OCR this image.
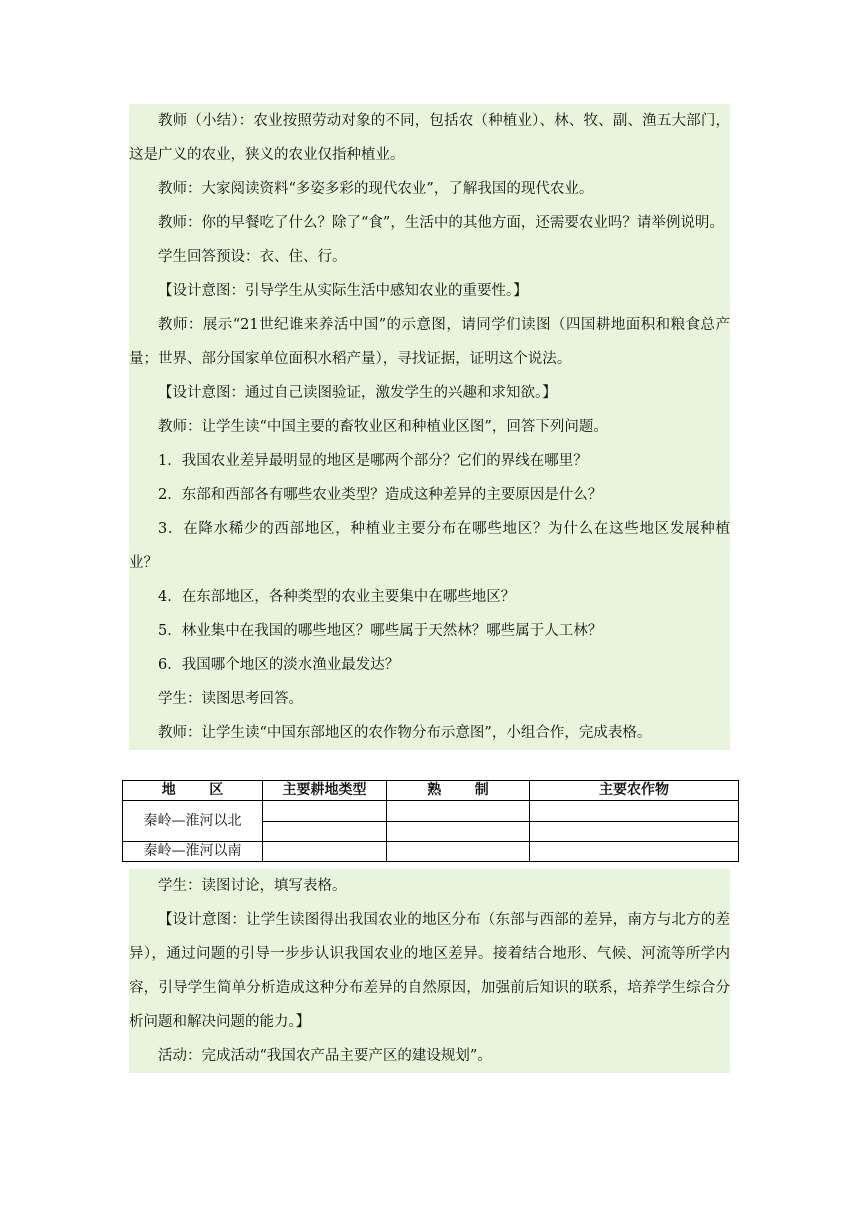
教师（小结）：农业按照劳动对象的不同，包括农（种植业）、林、牧、副、渔五大部门，这是广义的农业，狭义的农业仅指种植业。

教师：大家阅读资料“多姿多彩的现代农业”，了解我国的现代农业。

教师：你的早餐吃了什么？除了“食”，生活中的其他方面，还需要农业吗？请举例说明。

学生回答预设：衣、住、行。

【设计意图：引导学生从实际生活中感知农业的重要性。】

教师：展示“21世纪谁来养活中国”的示意图，请同学们读图（四国耕地面积和粮食总产量；世界、部分国家单位面积水稻产量），寻找证据，证明这个说法。

【设计意图：通过自己读图验证，激发学生的兴趣和求知欲。】

教师：让学生读“中国主要的畜牧业区和种植业区图”，回答下列问题。

1．我国农业差异最明显的地区是哪两个部分？它们的界线在哪里？

2．东部和西部各有哪些农业类型？造成这种差异的主要原因是什么？

3．在降水稀少的西部地区，种植业主要分布在哪些地区？为什么在这些地区发展种植业？

4．在东部地区，各种类型的农业主要集中在哪些地区？

5．林业集中在我国的哪些地区？哪些属于天然林？哪些属于人工林？

6．我国哪个地区的淡水渔业最发达？

学生：读图思考回答。

教师：让学生读“中国东部地区的农作物分布示意图”，小组合作，完成表格。

地区	主要耕地类型	熟制	主要农作物
秦岭—淮河以北			

秦岭—淮河以南			

学生：读图讨论，填写表格。

【设计意图：让学生读图得出我国农业的地区分布（东部与西部的差异，南方与北方的差异），通过问题的引导一步步认识我国农业的地区差异。接着结合地形、气候、河流等所学内容，引导学生简单分析造成这种分布差异的自然原因，加强前后知识的联系，培养学生综合分析问题和解决问题的能力。】

活动：完成活动“我国农产品主要产区的建设规划”。
